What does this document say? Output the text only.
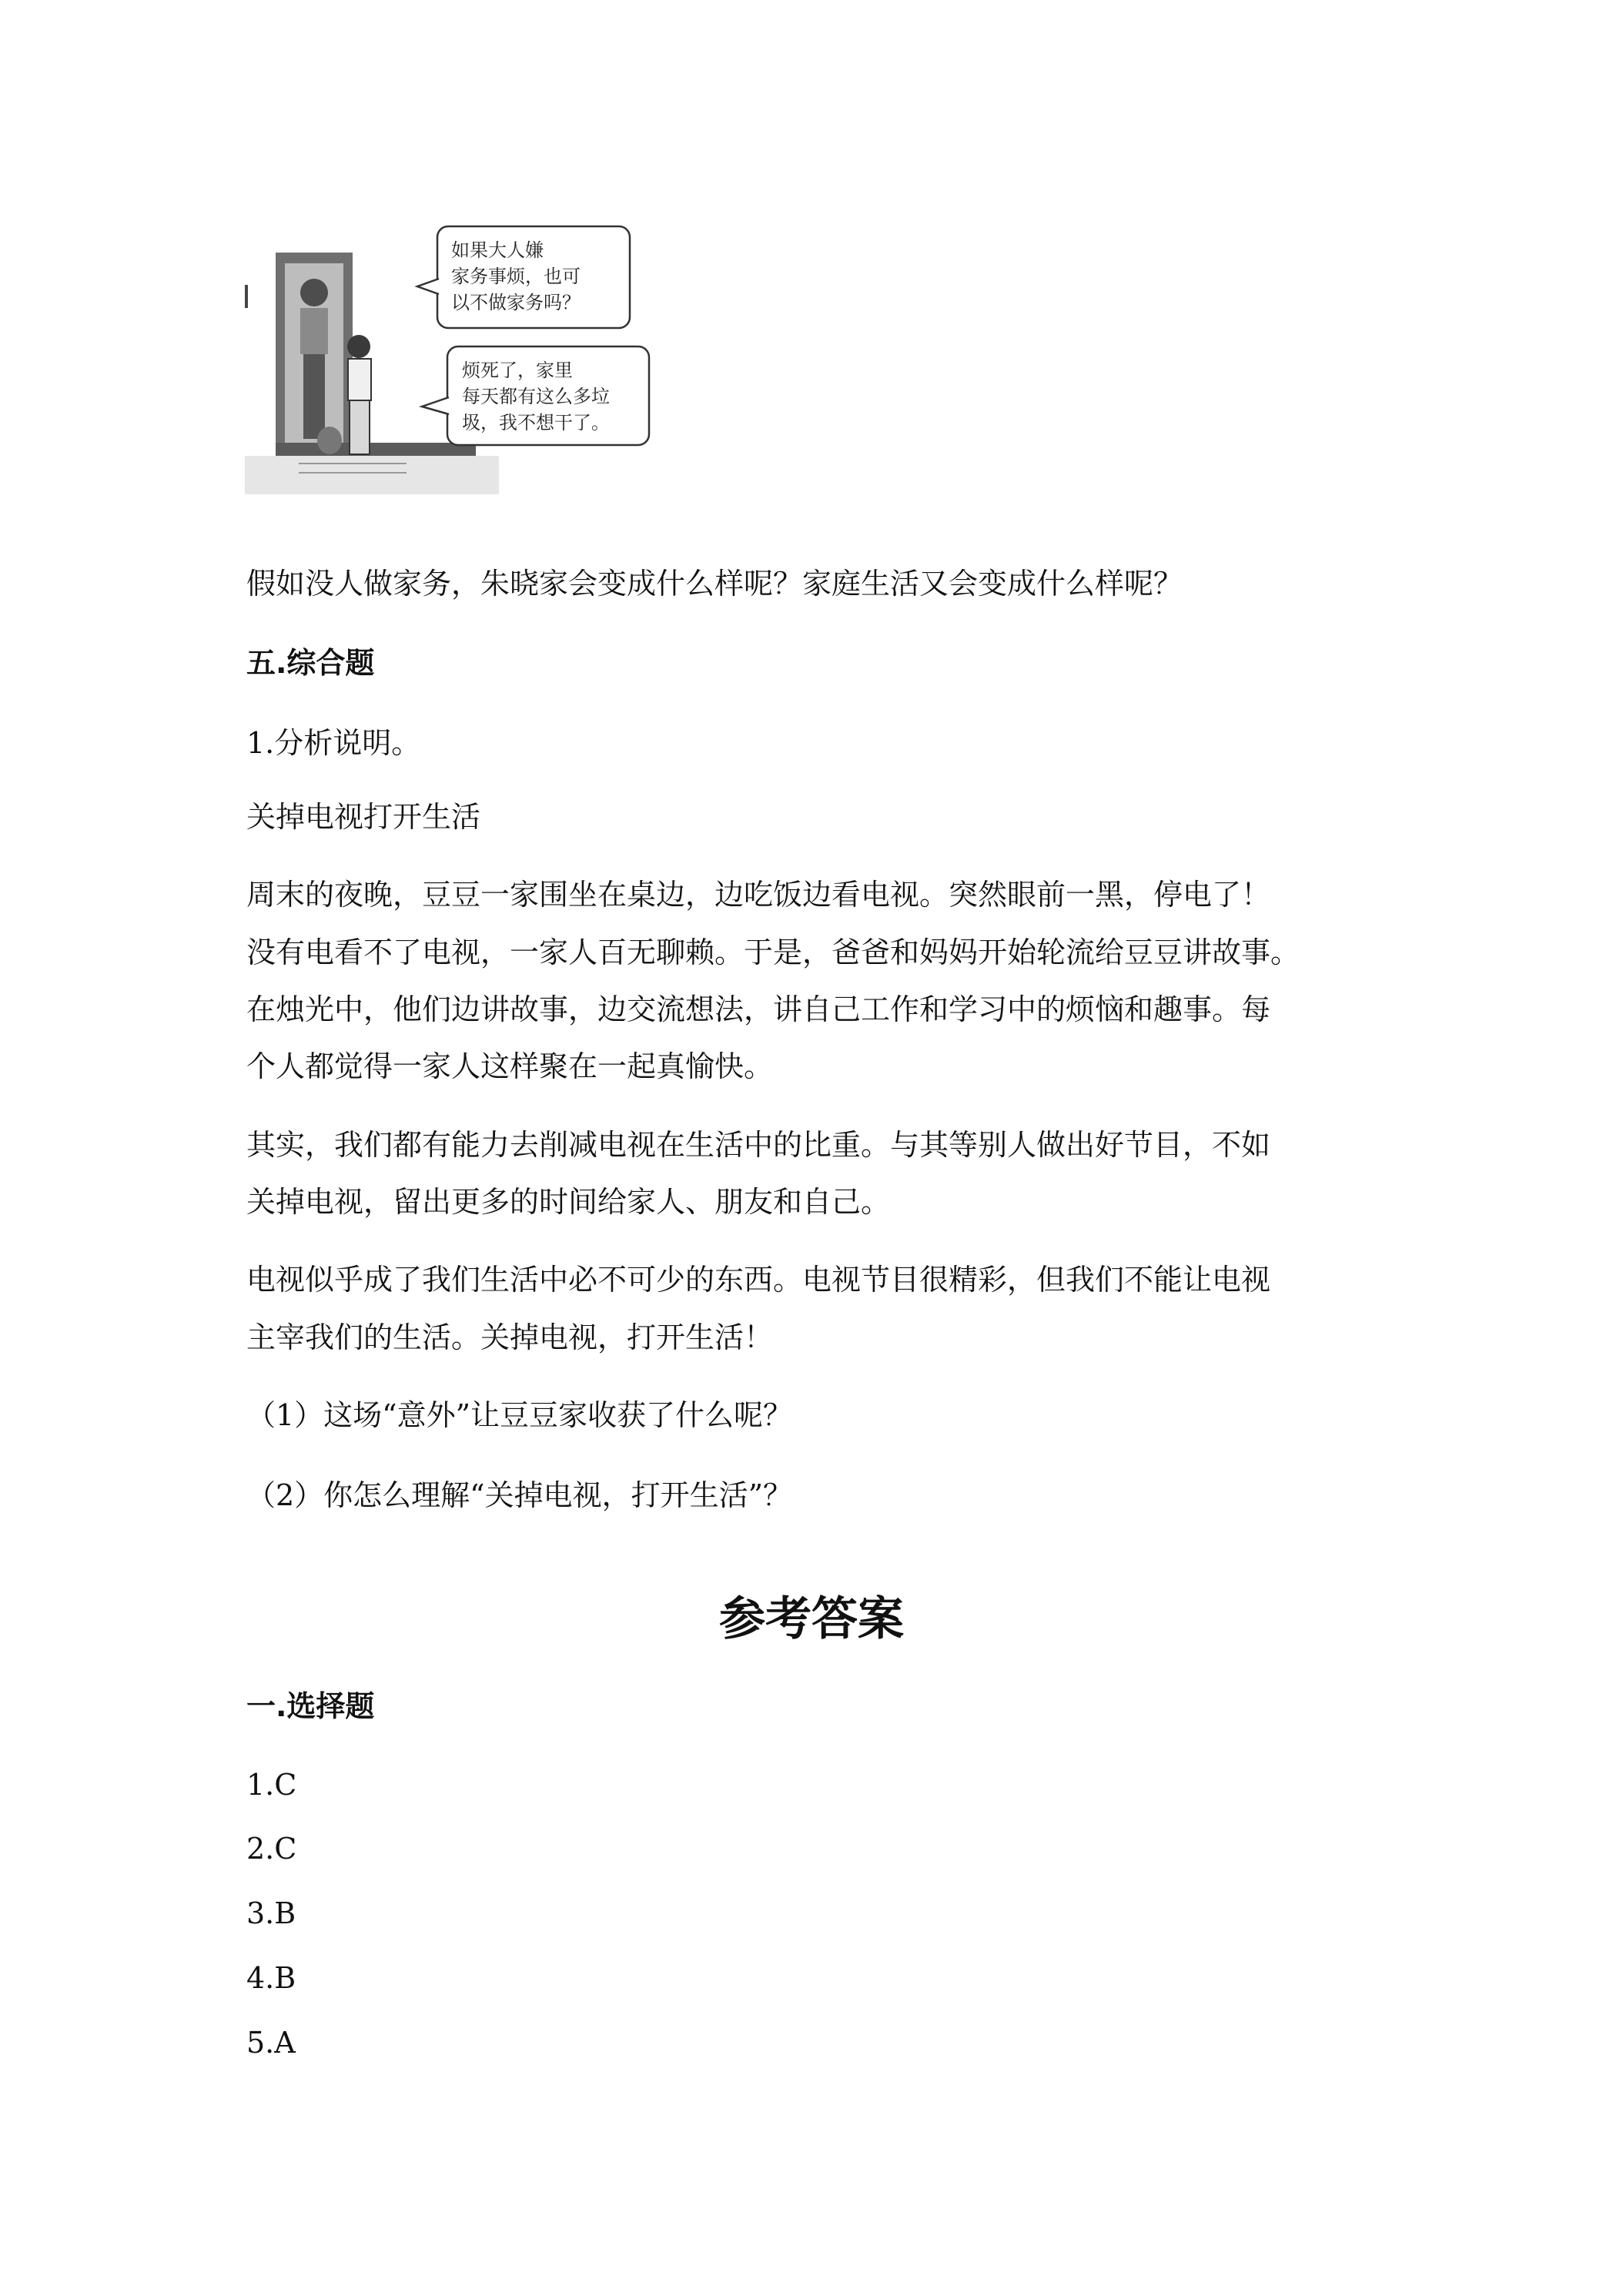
如果大人嫌
家务事烦，也可
以不做家务吗？
烦死了，家里
每天都有这么多垃
圾，我不想干了。
假如没人做家务，朱晓家会变成什么样呢？家庭生活又会变成什么样呢？
五.综合题
1.分析说明。
关掉电视打开生活
周末的夜晚，豆豆一家围坐在桌边，边吃饭边看电视。突然眼前一黑，停电了！
没有电看不了电视，一家人百无聊赖。于是，爸爸和妈妈开始轮流给豆豆讲故事。
在烛光中，他们边讲故事，边交流想法，讲自己工作和学习中的烦恼和趣事。每
个人都觉得一家人这样聚在一起真愉快。
其实，我们都有能力去削减电视在生活中的比重。与其等别人做出好节目，不如
关掉电视，留出更多的时间给家人、朋友和自己。
电视似乎成了我们生活中必不可少的东西。电视节目很精彩，但我们不能让电视
主宰我们的生活。关掉电视，打开生活！
（1）这场“意外”让豆豆家收获了什么呢？
（2）你怎么理解“关掉电视，打开生活”？
参考答案
一.选择题
1.C
2.C
3.B
4.B
5.A
